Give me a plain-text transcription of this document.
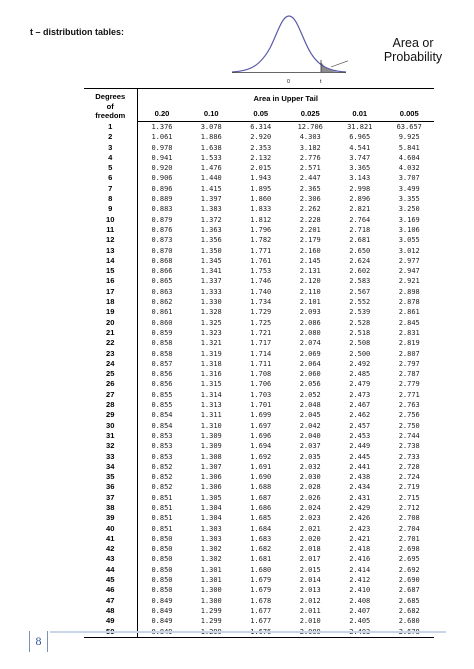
t – distribution tables:
0	t
Area or
Probability
Degrees
of
freedom	Area in Upper Tail					

	0.20	0.10	0.05	0.025	0.01	0.005
1	1.376	3.078	6.314	12.706	31.821	63.657
2	1.061	1.886	2.920	4.303	6.965	9.925
3	0.978	1.638	2.353	3.182	4.541	5.841
4	0.941	1.533	2.132	2.776	3.747	4.604
5	0.920	1.476	2.015	2.571	3.365	4.032
6	0.906	1.440	1.943	2.447	3.143	3.707
7	0.896	1.415	1.895	2.365	2.998	3.499
8	0.889	1.397	1.860	2.306	2.896	3.355
9	0.883	1.383	1.833	2.262	2.821	3.250
10	0.879	1.372	1.812	2.228	2.764	3.169
11	0.876	1.363	1.796	2.201	2.718	3.106
12	0.873	1.356	1.782	2.179	2.681	3.055
13	0.870	1.350	1.771	2.160	2.650	3.012
14	0.868	1.345	1.761	2.145	2.624	2.977
15	0.866	1.341	1.753	2.131	2.602	2.947
16	0.865	1.337	1.746	2.120	2.583	2.921
17	0.863	1.333	1.740	2.110	2.567	2.898
18	0.862	1.330	1.734	2.101	2.552	2.878
19	0.861	1.328	1.729	2.093	2.539	2.861
20	0.860	1.325	1.725	2.086	2.528	2.845
21	0.859	1.323	1.721	2.080	2.518	2.831
22	0.858	1.321	1.717	2.074	2.508	2.819
23	0.858	1.319	1.714	2.069	2.500	2.807
24	0.857	1.318	1.711	2.064	2.492	2.797
25	0.856	1.316	1.708	2.060	2.485	2.787
26	0.856	1.315	1.706	2.056	2.479	2.779
27	0.855	1.314	1.703	2.052	2.473	2.771
28	0.855	1.313	1.701	2.048	2.467	2.763
29	0.854	1.311	1.699	2.045	2.462	2.756
30	0.854	1.310	1.697	2.042	2.457	2.750
31	0.853	1.309	1.696	2.040	2.453	2.744
32	0.853	1.309	1.694	2.037	2.449	2.738
33	0.853	1.308	1.692	2.035	2.445	2.733
34	0.852	1.307	1.691	2.032	2.441	2.728
35	0.852	1.306	1.690	2.030	2.438	2.724
36	0.852	1.306	1.688	2.028	2.434	2.719
37	0.851	1.305	1.687	2.026	2.431	2.715
38	0.851	1.304	1.686	2.024	2.429	2.712
39	0.851	1.304	1.685	2.023	2.426	2.708
40	0.851	1.303	1.684	2.021	2.423	2.704
41	0.850	1.303	1.683	2.020	2.421	2.701
42	0.850	1.302	1.682	2.018	2.418	2.698
43	0.850	1.302	1.681	2.017	2.416	2.695
44	0.850	1.301	1.680	2.015	2.414	2.692
45	0.850	1.301	1.679	2.014	2.412	2.690
46	0.850	1.300	1.679	2.013	2.410	2.687
47	0.849	1.300	1.678	2.012	2.408	2.685
48	0.849	1.299	1.677	2.011	2.407	2.682
49	0.849	1.299	1.677	2.010	2.405	2.680
50	0.849	1.299	1.676	2.009	2.403	2.678
8
